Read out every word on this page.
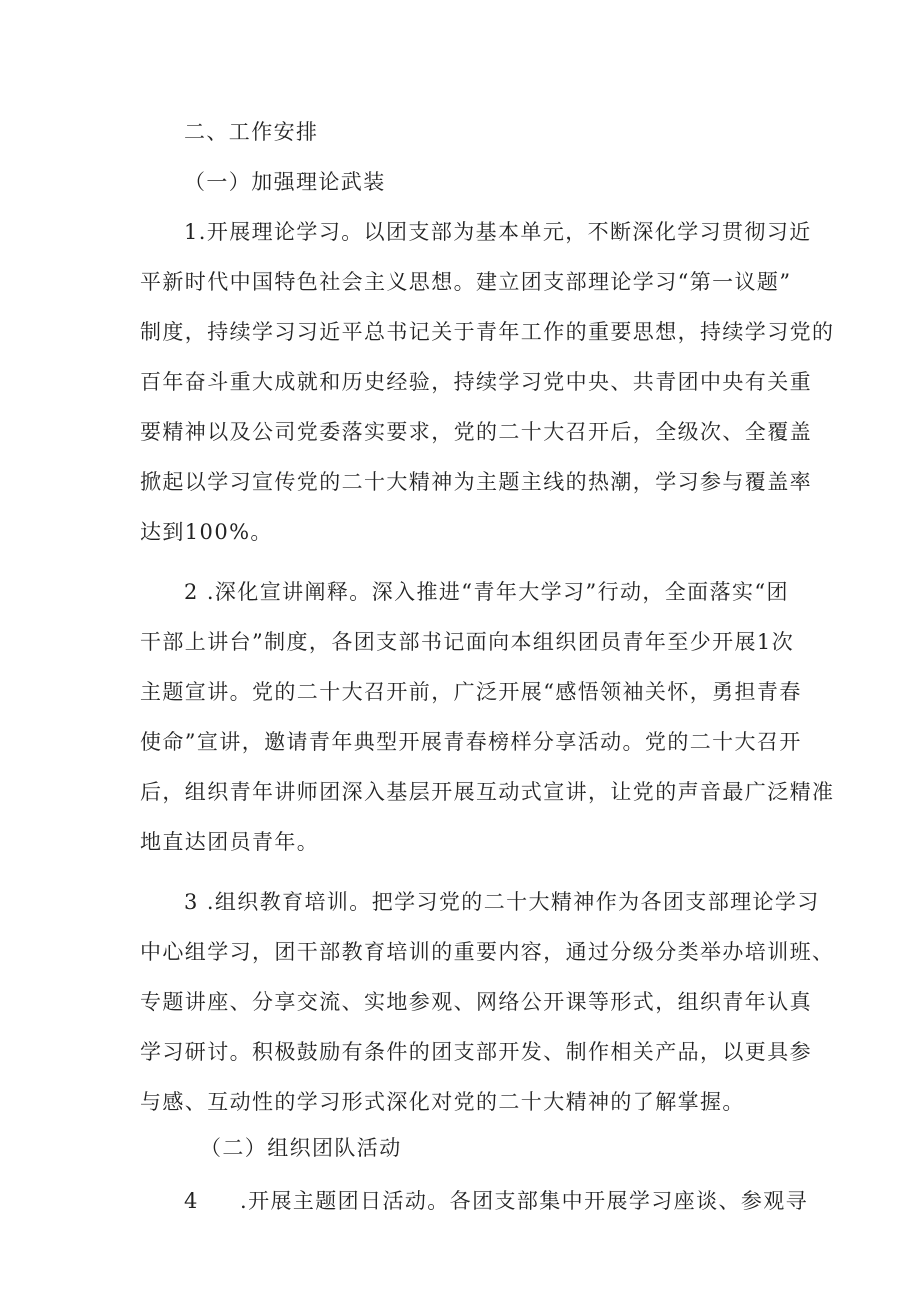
二、工作安排
（一）加强理论武装
1.开展理论学习。以团支部为基本单元，不断深化学习贯彻习近
平新时代中国特色社会主义思想。建立团支部理论学习“第一议题”
制度，持续学习习近平总书记关于青年工作的重要思想，持续学习党的
百年奋斗重大成就和历史经验，持续学习党中央、共青团中央有关重
要精神以及公司党委落实要求，党的二十大召开后，全级次、全覆盖
掀起以学习宣传党的二十大精神为主题主线的热潮，学习参与覆盖率
达到100%。
2 .深化宣讲阐释。深入推进“青年大学习”行动，全面落实“团
干部上讲台”制度，各团支部书记面向本组织团员青年至少开展1次
主题宣讲。党的二十大召开前，广泛开展“感悟领袖关怀，勇担青春
使命”宣讲，邀请青年典型开展青春榜样分享活动。党的二十大召开
后，组织青年讲师团深入基层开展互动式宣讲，让党的声音最广泛精准
地直达团员青年。
3 .组织教育培训。把学习党的二十大精神作为各团支部理论学习
中心组学习，团干部教育培训的重要内容，通过分级分类举办培训班、
专题讲座、分享交流、实地参观、网络公开课等形式，组织青年认真
学习研讨。积极鼓励有条件的团支部开发、制作相关产品，以更具参
与感、互动性的学习形式深化对党的二十大精神的了解掌握。
（二）组织团队活动
4 .开展主题团日活动。各团支部集中开展学习座谈、参观寻
